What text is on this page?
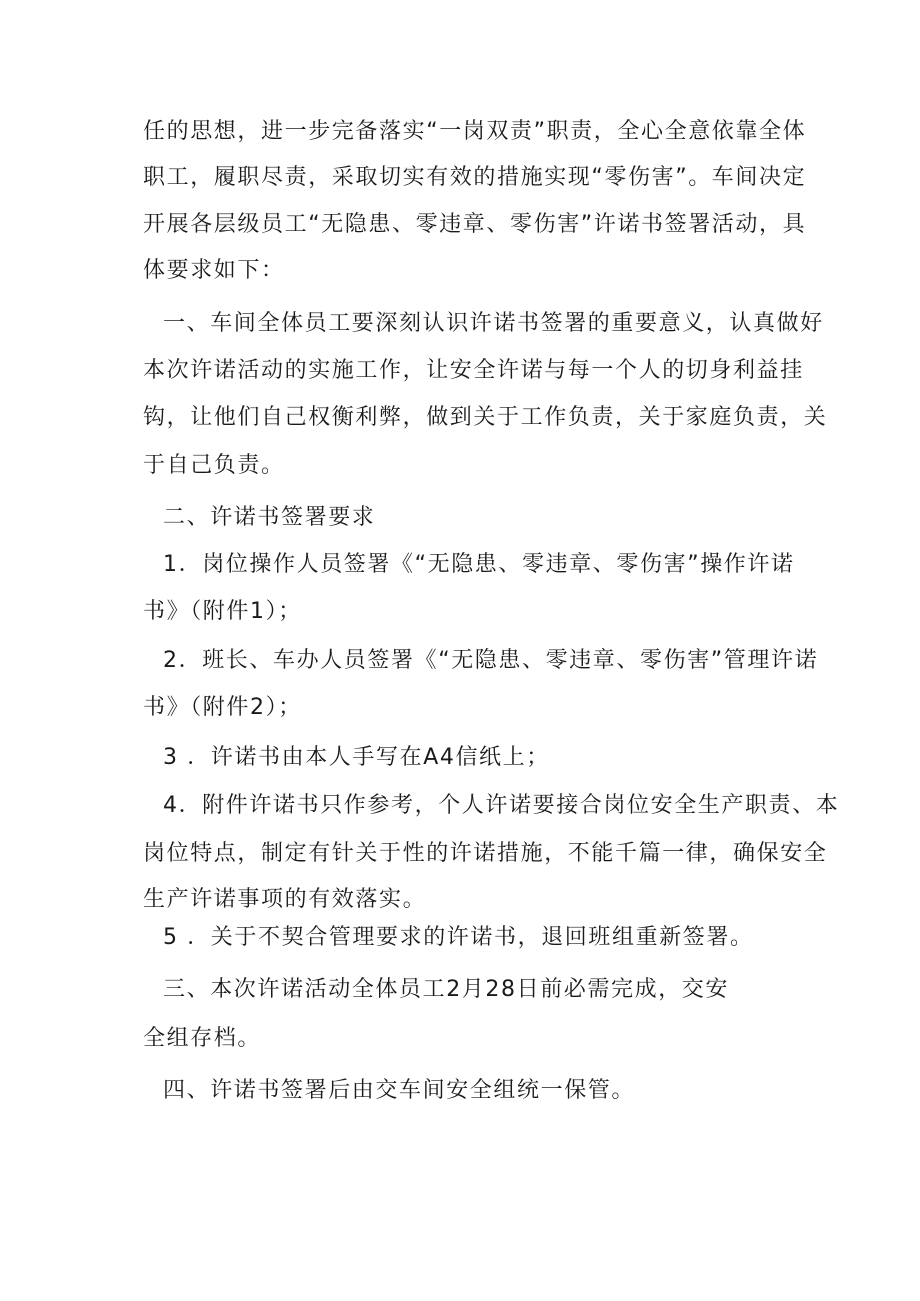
任的思想，进一步完备落实“一岗双责”职责，全心全意依靠全体
职工，履职尽责，采取切实有效的措施实现“零伤害”。车间决定
开展各层级员工“无隐患、零违章、零伤害”许诺书签署活动，具
体要求如下：
一、车间全体员工要深刻认识许诺书签署的重要意义，认真做好
本次许诺活动的实施工作，让安全许诺与每一个人的切身利益挂
钩，让他们自己权衡利弊，做到关于工作负责，关于家庭负责，关
于自己负责。
二、许诺书签署要求
1．岗位操作人员签署《“无隐患、零违章、零伤害”操作许诺
书》（附件1）；
2．班长、车办人员签署《“无隐患、零违章、零伤害”管理许诺
书》（附件2）；
3 ．许诺书由本人手写在A4信纸上；
4．附件许诺书只作参考，个人许诺要接合岗位安全生产职责、本
岗位特点，制定有针关于性的许诺措施，不能千篇一律，确保安全
生产许诺事项的有效落实。
5 ．关于不契合管理要求的许诺书，退回班组重新签署。
三、本次许诺活动全体员工2月28日前必需完成，交安
全组存档。
四、许诺书签署后由交车间安全组统一保管。
